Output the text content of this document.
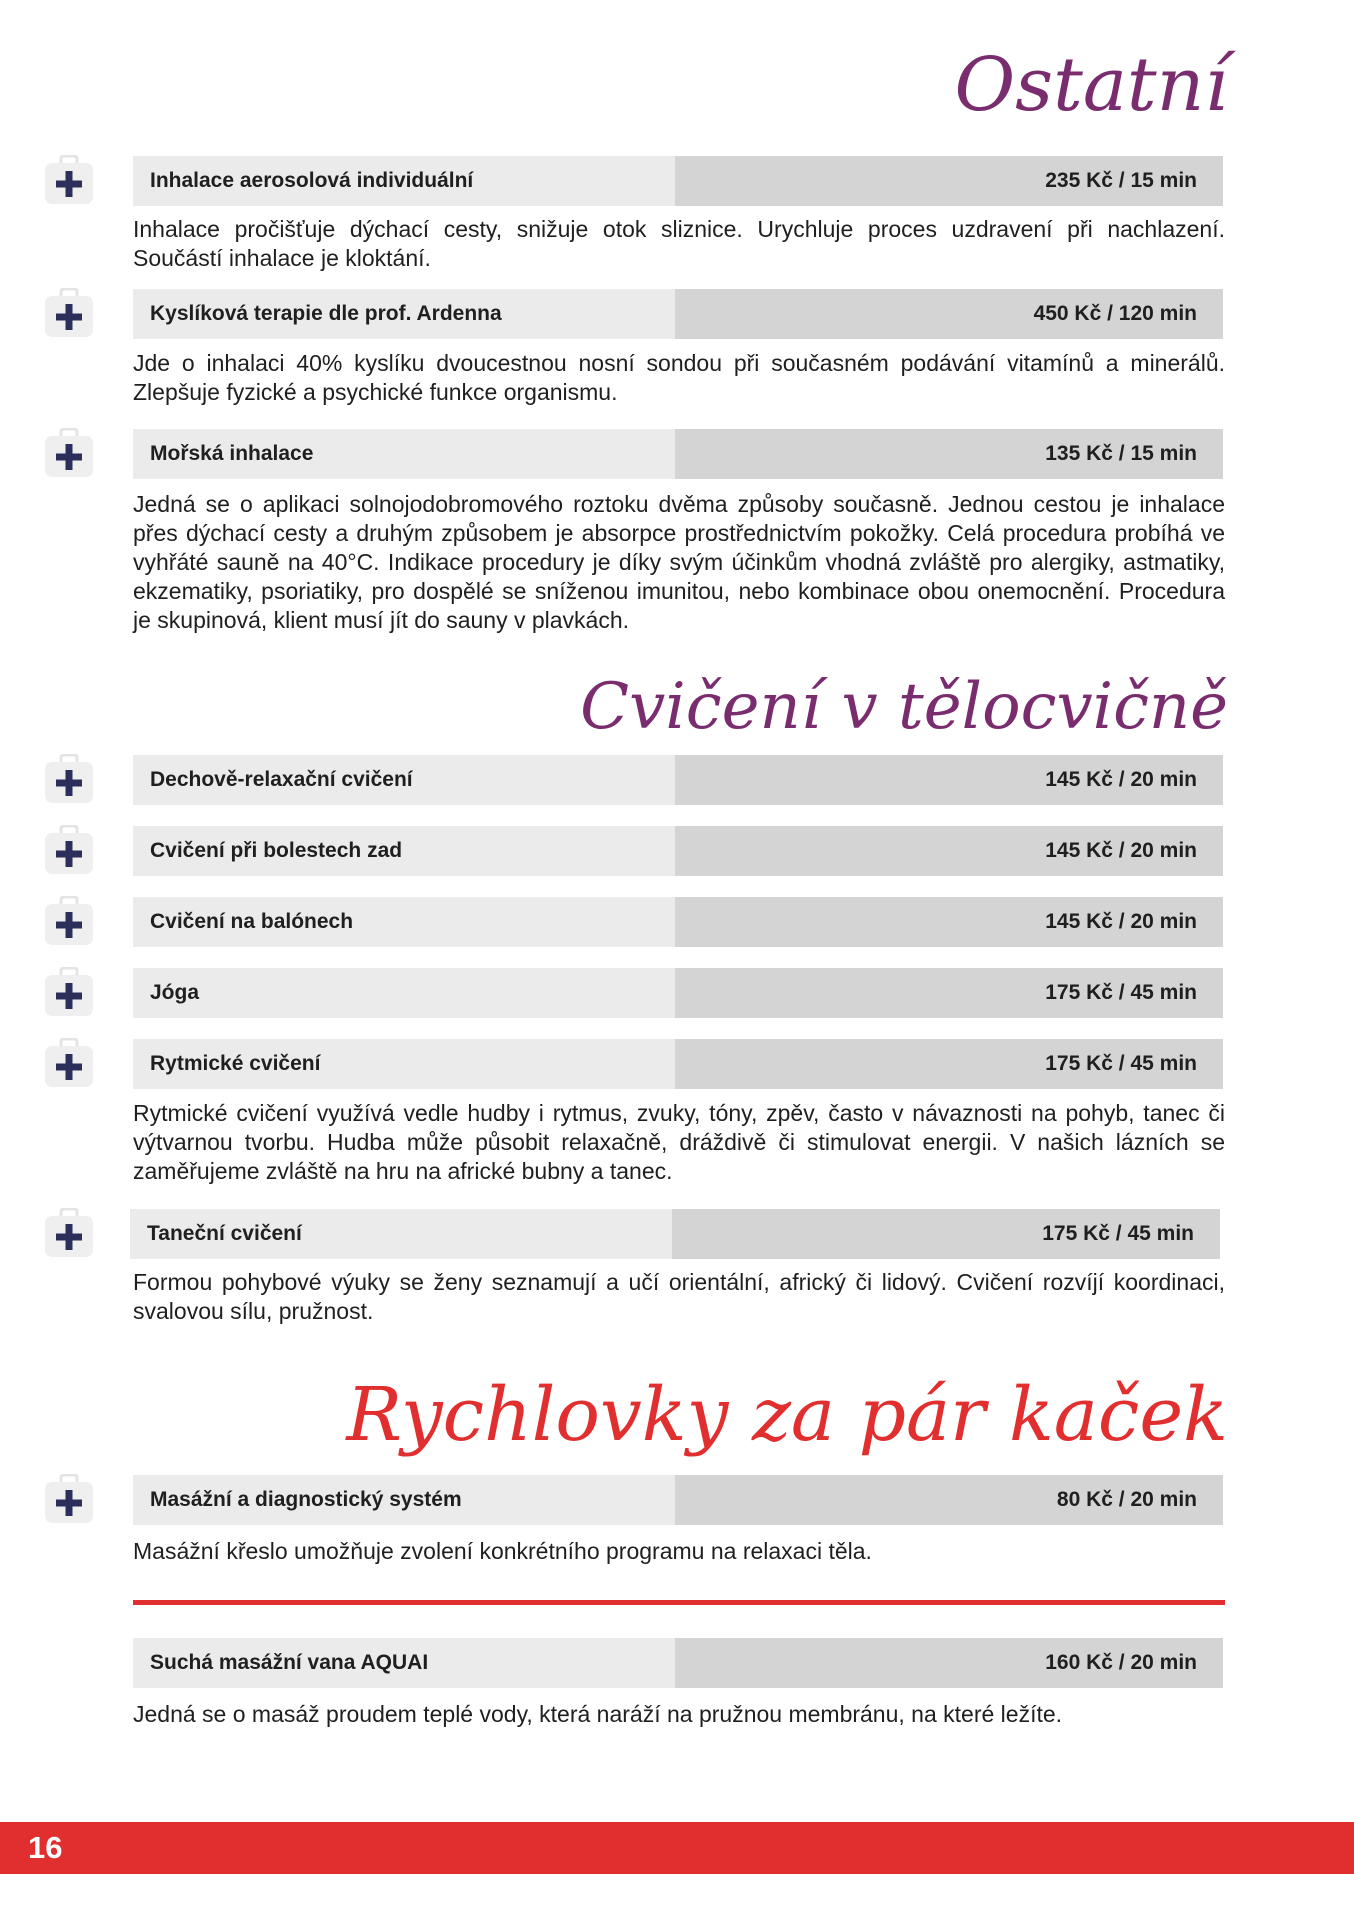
Ostatní
Inhalace aerosolová individuální	235 Kč / 15 min

Inhalace pročišťuje dýchací cesty, snižuje otok sliznice. Urychluje proces uzdravení při nachlazení. Součástí inhalace je kloktání.

Kyslíková terapie dle prof. Ardenna	450 Kč / 120 min

Jde o inhalaci 40% kyslíku dvoucestnou nosní sondou při současném podávání vitamínů a minerálů. Zlepšuje fyzické a psychické funkce organismu.

Mořská inhalace	135 Kč / 15 min

Jedná se o aplikaci solnojodobromového roztoku dvěma způsoby současně. Jednou cestou je inhalace přes dýchací cesty a druhým způsobem je absorpce prostřednictvím pokožky. Celá procedura probíhá ve vyhřáté sauně na 40°C. Indikace procedury je díky svým účinkům vhodná zvláště pro alergiky, astmatiky, ekzematiky, psoriatiky, pro dospělé se sníženou imunitou, nebo kombinace obou onemocnění. Procedura je skupinová, klient musí jít do sauny v plavkách.

Cvičení v tělocvičně
Dechově-relaxační cvičení	145 Kč / 20 min
Cvičení při bolestech zad	145 Kč / 20 min
Cvičení na balónech	145 Kč / 20 min
Jóga	175 Kč / 45 min
Rytmické cvičení	175 Kč / 45 min

Rytmické cvičení využívá vedle hudby i rytmus, zvuky, tóny, zpěv, často v návaznosti na pohyb, tanec či výtvarnou tvorbu. Hudba může působit relaxačně, dráždivě či stimulovat energii. V našich lázních se zaměřujeme zvláště na hru na africké bubny a tanec.

Taneční cvičení	175 Kč / 45 min

Formou pohybové výuky se ženy seznamují a učí orientální, africký či lidový. Cvičení rozvíjí koordinaci, svalovou sílu, pružnost.

Rychlovky za pár kaček
Masážní a diagnostický systém	80 Kč / 20 min

Masážní křeslo umožňuje zvolení konkrétního programu na relaxaci těla.

Suchá masážní vana AQUAI	160 Kč / 20 min

Jedná se o masáž proudem teplé vody, která naráží na pružnou membránu, na které ležíte.

16
